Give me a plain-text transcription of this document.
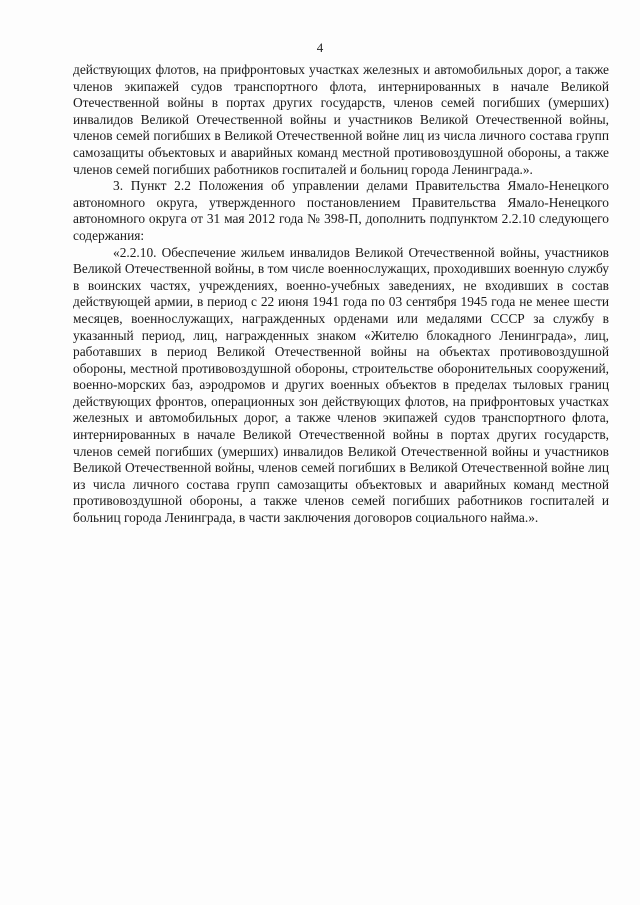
4

действующих флотов, на прифронтовых участках железных и автомобильных дорог, а также членов экипажей судов транспортного флота, интернированных в начале Великой Отечественной войны в портах других государств, членов семей погибших (умерших) инвалидов Великой Отечественной войны и участников Великой Отечественной войны, членов семей погибших в Великой Отечественной войне лиц из числа личного состава групп самозащиты объектовых и аварийных команд местной противовоздушной обороны, а также членов семей погибших работников госпиталей и больниц города Ленинграда.».

3. Пункт 2.2 Положения об управлении делами Правительства Ямало-Ненецкого автономного округа, утвержденного постановлением Правительства Ямало-Ненецкого автономного округа от 31 мая 2012 года № 398-П, дополнить подпунктом 2.2.10 следующего содержания:

«2.2.10. Обеспечение жильем инвалидов Великой Отечественной войны, участников Великой Отечественной войны, в том числе военнослужащих, проходивших военную службу в воинских частях, учреждениях, военно-учебных заведениях, не входивших в состав действующей армии, в период с 22 июня 1941 года по 03 сентября 1945 года не менее шести месяцев, военнослужащих, награжденных орденами или медалями СССР за службу в указанный период, лиц, награжденных знаком «Жителю блокадного Ленинграда», лиц, работавших в период Великой Отечественной войны на объектах противовоздушной обороны, местной противовоздушной обороны, строительстве оборонительных сооружений, военно-морских баз, аэродромов и других военных объектов в пределах тыловых границ действующих фронтов, операционных зон действующих флотов, на прифронтовых участках железных и автомобильных дорог, а также членов экипажей судов транспортного флота, интернированных в начале Великой Отечественной войны в портах других государств, членов семей погибших (умерших) инвалидов Великой Отечественной войны и участников Великой Отечественной войны, членов семей погибших в Великой Отечественной войне лиц из числа личного состава групп самозащиты объектовых и аварийных команд местной противовоздушной обороны, а также членов семей погибших работников госпиталей и больниц города Ленинграда, в части заключения договоров социального найма.».
